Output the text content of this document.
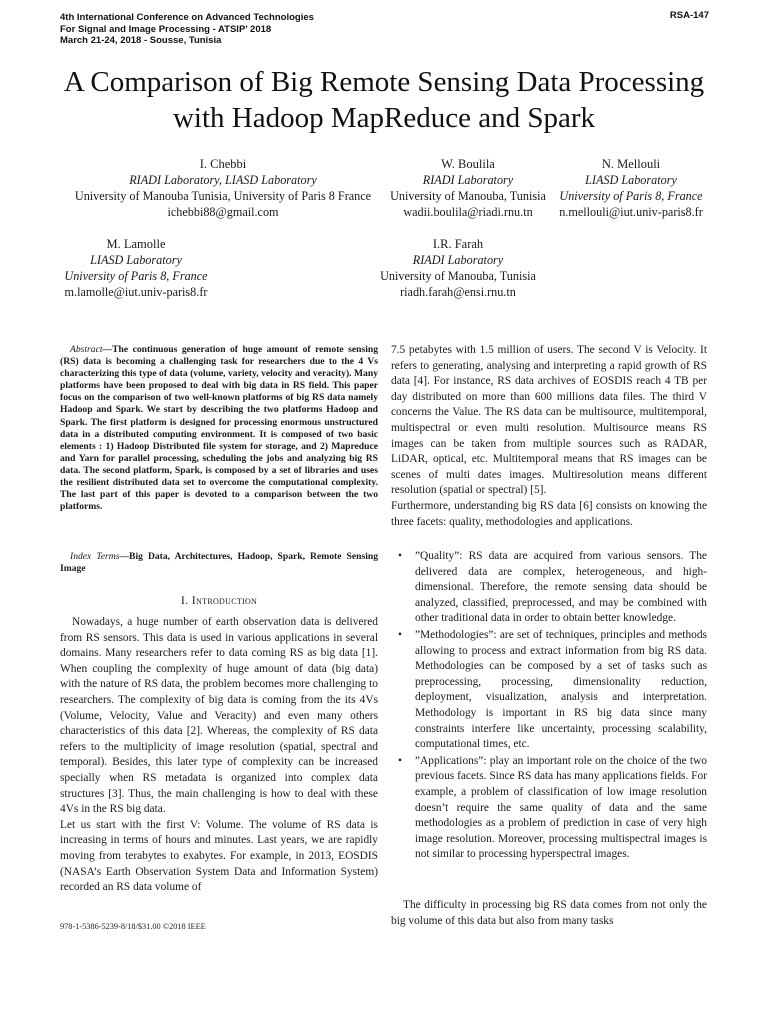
4th International Conference on Advanced Technologies
For Signal and Image Processing - ATSIP’ 2018
March 21-24, 2018 - Sousse, Tunisia
RSA-147
A Comparison of Big Remote Sensing Data Processing with Hadoop MapReduce and Spark
I. Chebbi
RIADI Laboratory, LIASD Laboratory
University of Manouba Tunisia, University of Paris 8 France
ichebbi88@gmail.com
W. Boulila
RIADI Laboratory
University of Manouba, Tunisia
wadii.boulila@riadi.rnu.tn
N. Mellouli
LIASD Laboratory
University of Paris 8, France
n.mellouli@iut.univ-paris8.fr
M. Lamolle
LIASD Laboratory
University of Paris 8, France
m.lamolle@iut.univ-paris8.fr
I.R. Farah
RIADI Laboratory
University of Manouba, Tunisia
riadh.farah@ensi.rnu.tn
Abstract—The continuous generation of huge amount of remote sensing (RS) data is becoming a challenging task for researchers due to the 4 Vs characterizing this type of data (volume, variety, velocity and veracity). Many platforms have been proposed to deal with big data in RS field. This paper focus on the comparison of two well-known platforms of big RS data namely Hadoop and Spark. We start by describing the two platforms Hadoop and Spark. The first platform is designed for processing enormous unstructured data in a distributed computing environment. It is composed of two basic elements : 1) Hadoop Distributed file system for storage, and 2) Mapreduce and Yarn for parallel processing, scheduling the jobs and analyzing big RS data. The second platform, Spark, is composed by a set of libraries and uses the resilient distributed data set to overcome the computational complexity. The last part of this paper is devoted to a comparison between the two platforms.
Index Terms—Big Data, Architectures, Hadoop, Spark, Remote Sensing Image
I. Introduction

Nowadays, a huge number of earth observation data is delivered from RS sensors. This data is used in various applications in several domains. Many researchers refer to data coming RS as big data [1]. When coupling the complexity of huge amount of data (big data) with the nature of RS data, the problem becomes more challenging to researchers. The complexity of big data is coming from the its 4Vs (Volume, Velocity, Value and Veracity) and even many others characteristics of this data [2]. Whereas, the complexity of RS data refers to the multiplicity of image resolution (spatial, spectral and temporal). Besides, this later type of complexity can be increased specially when RS metadata is organized into complex data structures [3]. Thus, the main challenging is how to deal with these 4Vs in the RS big data.

Let us start with the first V: Volume. The volume of RS data is increasing in terms of hours and minutes. Last years, we are rapidly moving from terabytes to exabytes. For example, in 2013, EOSDIS (NASA’s Earth Observation System Data and Information System) recorded an RS data volume of

7.5 petabytes with 1.5 million of users. The second V is Velocity. It refers to generating, analysing and interpreting a rapid growth of RS data [4]. For instance, RS data archives of EOSDIS reach 4 TB per day distributed on more than 600 millions data files. The third V concerns the Value. The RS data can be multisource, multitemporal, multispectral or even multi resolution. Multisource means RS images can be taken from multiple sources such as RADAR, LiDAR, optical, etc. Multitemporal means that RS images can be scenes of multi dates images. Multiresolution means different resolution (spatial or spectral) [5].

Furthermore, understanding big RS data [6] consists on knowing the three facets: quality, methodologies and applications.

• ”Quality”: RS data are acquired from various sensors. The delivered data are complex, heterogeneous, and high-dimensional. Therefore, the remote sensing data should be analyzed, classified, preprocessed, and may be combined with other traditional data in order to obtain better knowledge.
• ”Methodologies”: are set of techniques, principles and methods allowing to process and extract information from big RS data. Methodologies can be composed by a set of tasks such as preprocessing, processing, dimensionality reduction, deployment, visualization, analysis and interpretation. Methodology is important in RS big data since many constraints interfere like uncertainty, processing scalability, computational times, etc.
• ”Applications”: play an important role on the choice of the two previous facets. Since RS data has many applications fields. For example, a problem of classification of low image resolution doesn’t require the same quality of data and the same methodologies as a problem of prediction in case of very high image resolution. Moreover, processing multispectral images is not similar to processing hyperspectral images.

The difficulty in processing big RS data comes from not only the big volume of this data but also from many tasks

978-1-5386-5239-8/18/$31.00 ©2018 IEEE
